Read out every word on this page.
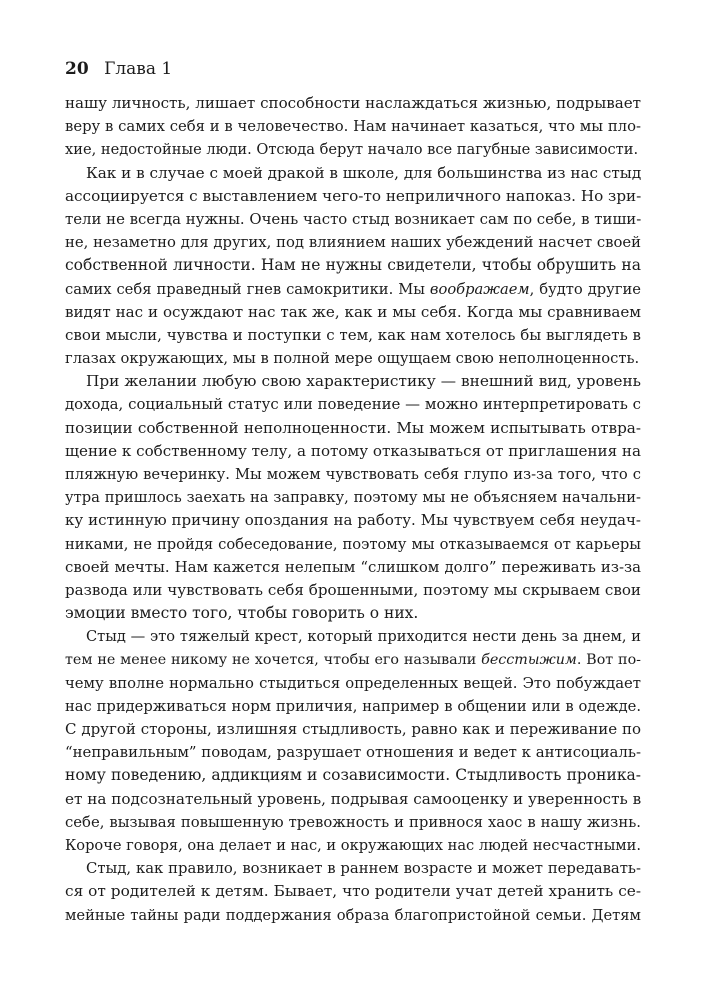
20 Глава 1
нашу личность, лишает способности наслаждаться жизнью, подрывает
веру в самих себя и в человечество. Нам начинает казаться, что мы пло-
хие, недостойные люди. Отсюда берут начало все пагубные зависимости.
Как и в случае с моей дракой в школе, для большинства из нас стыд
ассоциируется с выставлением чего-то неприличного напоказ. Но зри-
тели не всегда нужны. Очень часто стыд возникает сам по себе, в тиши-
не, незаметно для других, под влиянием наших убеждений насчет своей
собственной личности. Нам не нужны свидетели, чтобы обрушить на
самих себя праведный гнев самокритики. Мы воображаем, будто другие
видят нас и осуждают нас так же, как и мы себя. Когда мы сравниваем
свои мысли, чувства и поступки с тем, как нам хотелось бы выглядеть в
глазах окружающих, мы в полной мере ощущаем свою неполноценность.
При желании любую свою характеристику — внешний вид, уровень
дохода, социальный статус или поведение — можно интерпретировать с
позиции собственной неполноценности. Мы можем испытывать отвра-
щение к собственному телу, а потому отказываться от приглашения на
пляжную вечеринку. Мы можем чувствовать себя глупо из-за того, что с
утра пришлось заехать на заправку, поэтому мы не объясняем начальни-
ку истинную причину опоздания на работу. Мы чувствуем себя неудач-
никами, не пройдя собеседование, поэтому мы отказываемся от карьеры
своей мечты. Нам кажется нелепым “слишком долго” переживать из-за
развода или чувствовать себя брошенными, поэтому мы скрываем свои
эмоции вместо того, чтобы говорить о них.
Стыд — это тяжелый крест, который приходится нести день за днем, и
тем не менее никому не хочется, чтобы его называли бесстыжим. Вот по-
чему вполне нормально стыдиться определенных вещей. Это побуждает
нас придерживаться норм приличия, например в общении или в одежде.
С другой стороны, излишняя стыдливость, равно как и переживание по
“неправильным” поводам, разрушает отношения и ведет к антисоциаль-
ному поведению, аддикциям и созависимости. Стыдливость проника-
ет на подсознательный уровень, подрывая самооценку и уверенность в
себе, вызывая повышенную тревожность и привнося хаос в нашу жизнь.
Короче говоря, она делает и нас, и окружающих нас людей несчастными.
Стыд, как правило, возникает в раннем возрасте и может передавать-
ся от родителей к детям. Бывает, что родители учат детей хранить се-
мейные тайны ради поддержания образа благопристойной семьи. Детям
